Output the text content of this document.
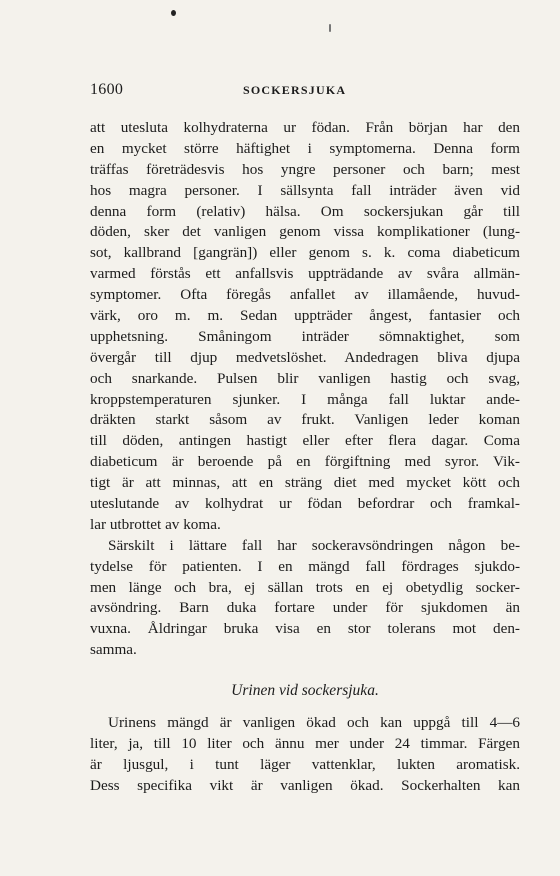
1600	SOCKERSJUKA
att utesluta kolhydraterna ur födan. Från början har den
en mycket större häftighet i symptomerna. Denna form
träffas företrädesvis hos yngre personer och barn; mest
hos magra personer. I sällsynta fall inträder även vid
denna form (relativ) hälsa. Om sockersjukan går till
döden, sker det vanligen genom vissa komplikationer (lung-
sot, kallbrand [gangrän]) eller genom s. k. coma diabeticum
varmed förstås ett anfallsvis uppträdande av svåra allmän-
symptomer. Ofta föregås anfallet av illamående, huvud-
värk, oro m. m. Sedan uppträder ångest, fantasier och
upphetsning. Småningom inträder sömnaktighet, som
övergår till djup medvetslöshet. Andedragen bliva djupa
och snarkande. Pulsen blir vanligen hastig och svag,
kroppstemperaturen sjunker. I många fall luktar ande-
dräkten starkt såsom av frukt. Vanligen leder koman
till döden, antingen hastigt eller efter flera dagar. Coma
diabeticum är beroende på en förgiftning med syror. Vik-
tigt är att minnas, att en sträng diet med mycket kött och
uteslutande av kolhydrat ur födan befordrar och framkal-
lar utbrottet av koma.
Särskilt i lättare fall har sockeravsöndringen någon be-
tydelse för patienten. I en mängd fall fördrages sjukdo-
men länge och bra, ej sällan trots en ej obetydlig socker-
avsöndring. Barn duka fortare under för sjukdomen än
vuxna. Åldringar bruka visa en stor tolerans mot den-
samma.
Urinen vid sockersjuka.
Urinens mängd är vanligen ökad och kan uppgå till 4—6
liter, ja, till 10 liter och ännu mer under 24 timmar. Färgen
är ljusgul, i tunt läger vattenklar, lukten aromatisk.
Dess specifika vikt är vanligen ökad. Sockerhalten kan
